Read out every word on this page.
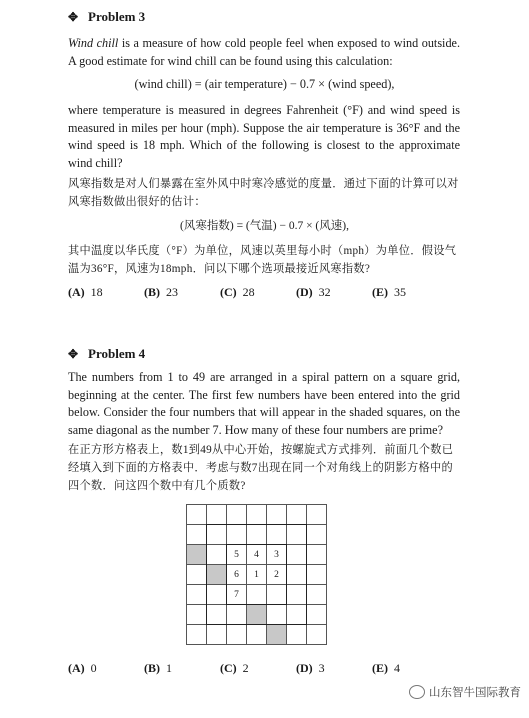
✥ Problem 3
Wind chill is a measure of how cold people feel when exposed to wind outside. A good estimate for wind chill can be found using this calculation:
(wind chill) = (air temperature) − 0.7 × (wind speed),
where temperature is measured in degrees Fahrenheit (°F) and wind speed is measured in miles per hour (mph). Suppose the air temperature is 36°F and the wind speed is 18 mph. Which of the following is closest to the approximate wind chill?
风寒指数是对人们暴露在室外风中时寒冷感觉的度量．通过下面的计算可以对风寒指数做出很好的估计：
(风寒指数) = (气温) − 0.7 × (风速),
其中温度以华氏度（°F）为单位，风速以英里每小时（mph）为单位．假设气温为36°F，风速为18mph．问以下哪个选项最接近风寒指数?
(A) 18	(B) 23	(C) 28	(D) 32	(E) 35
✥ Problem 4
The numbers from 1 to 49 are arranged in a spiral pattern on a square grid, beginning at the center. The first few numbers have been entered into the grid below. Consider the four numbers that will appear in the shaded squares, on the same diagonal as the number 7. How many of these four numbers are prime?
在正方形方格表上，数1到49从中心开始，按螺旋式方式排列．前面几个数已经填入到下面的方格表中．考虑与数7出现在同一个对角线上的阴影方格中的四个数．问这四个数中有几个质数?
5	4	3
6	1	2
7
(A) 0	(B) 1	(C) 2	(D) 3	(E) 4
山东智牛国际教育
